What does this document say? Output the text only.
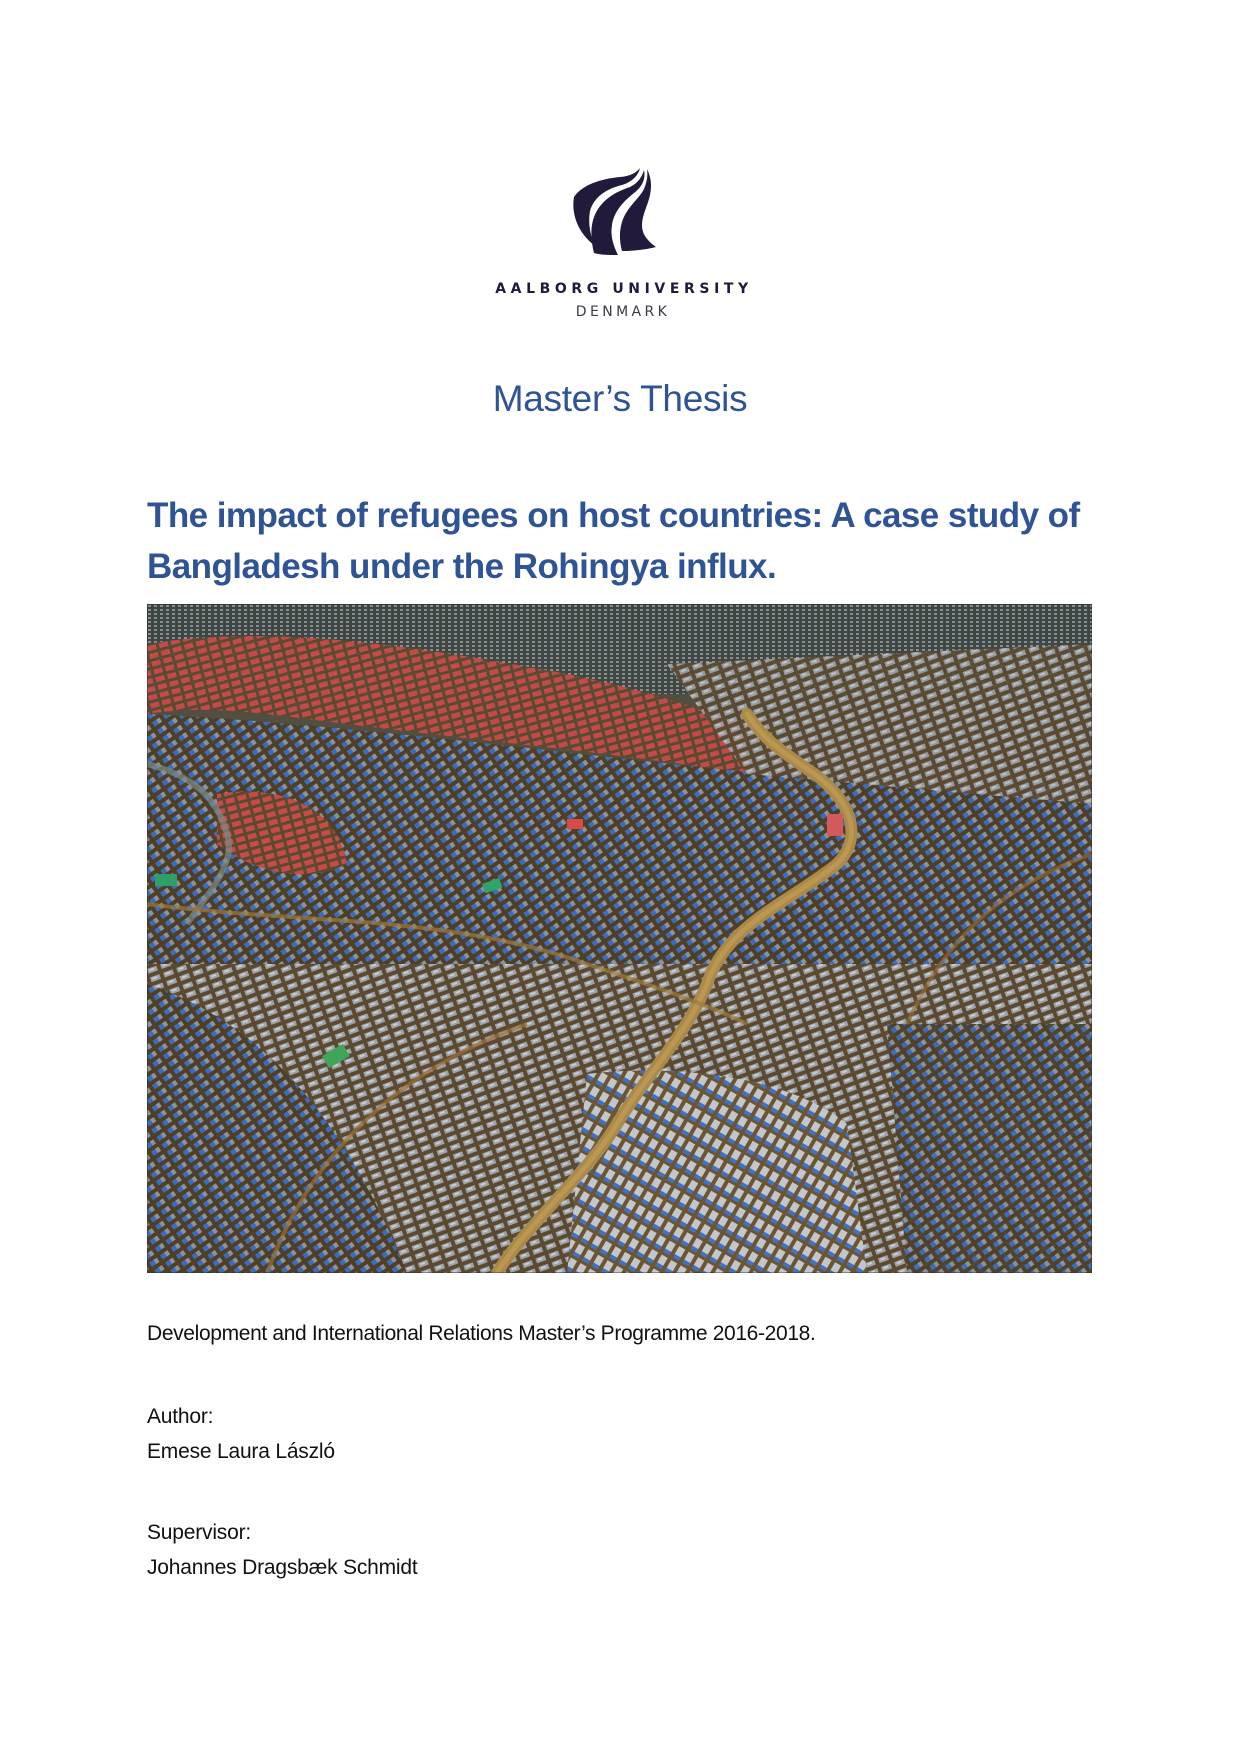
AALBORG UNIVERSITY
DENMARK
Master’s Thesis
The impact of refugees on host countries: A case study of Bangladesh under the Rohingya influx.
Development and International Relations Master’s Programme 2016-2018.
Author:
Emese Laura László
Supervisor:
Johannes Dragsbæk Schmidt
